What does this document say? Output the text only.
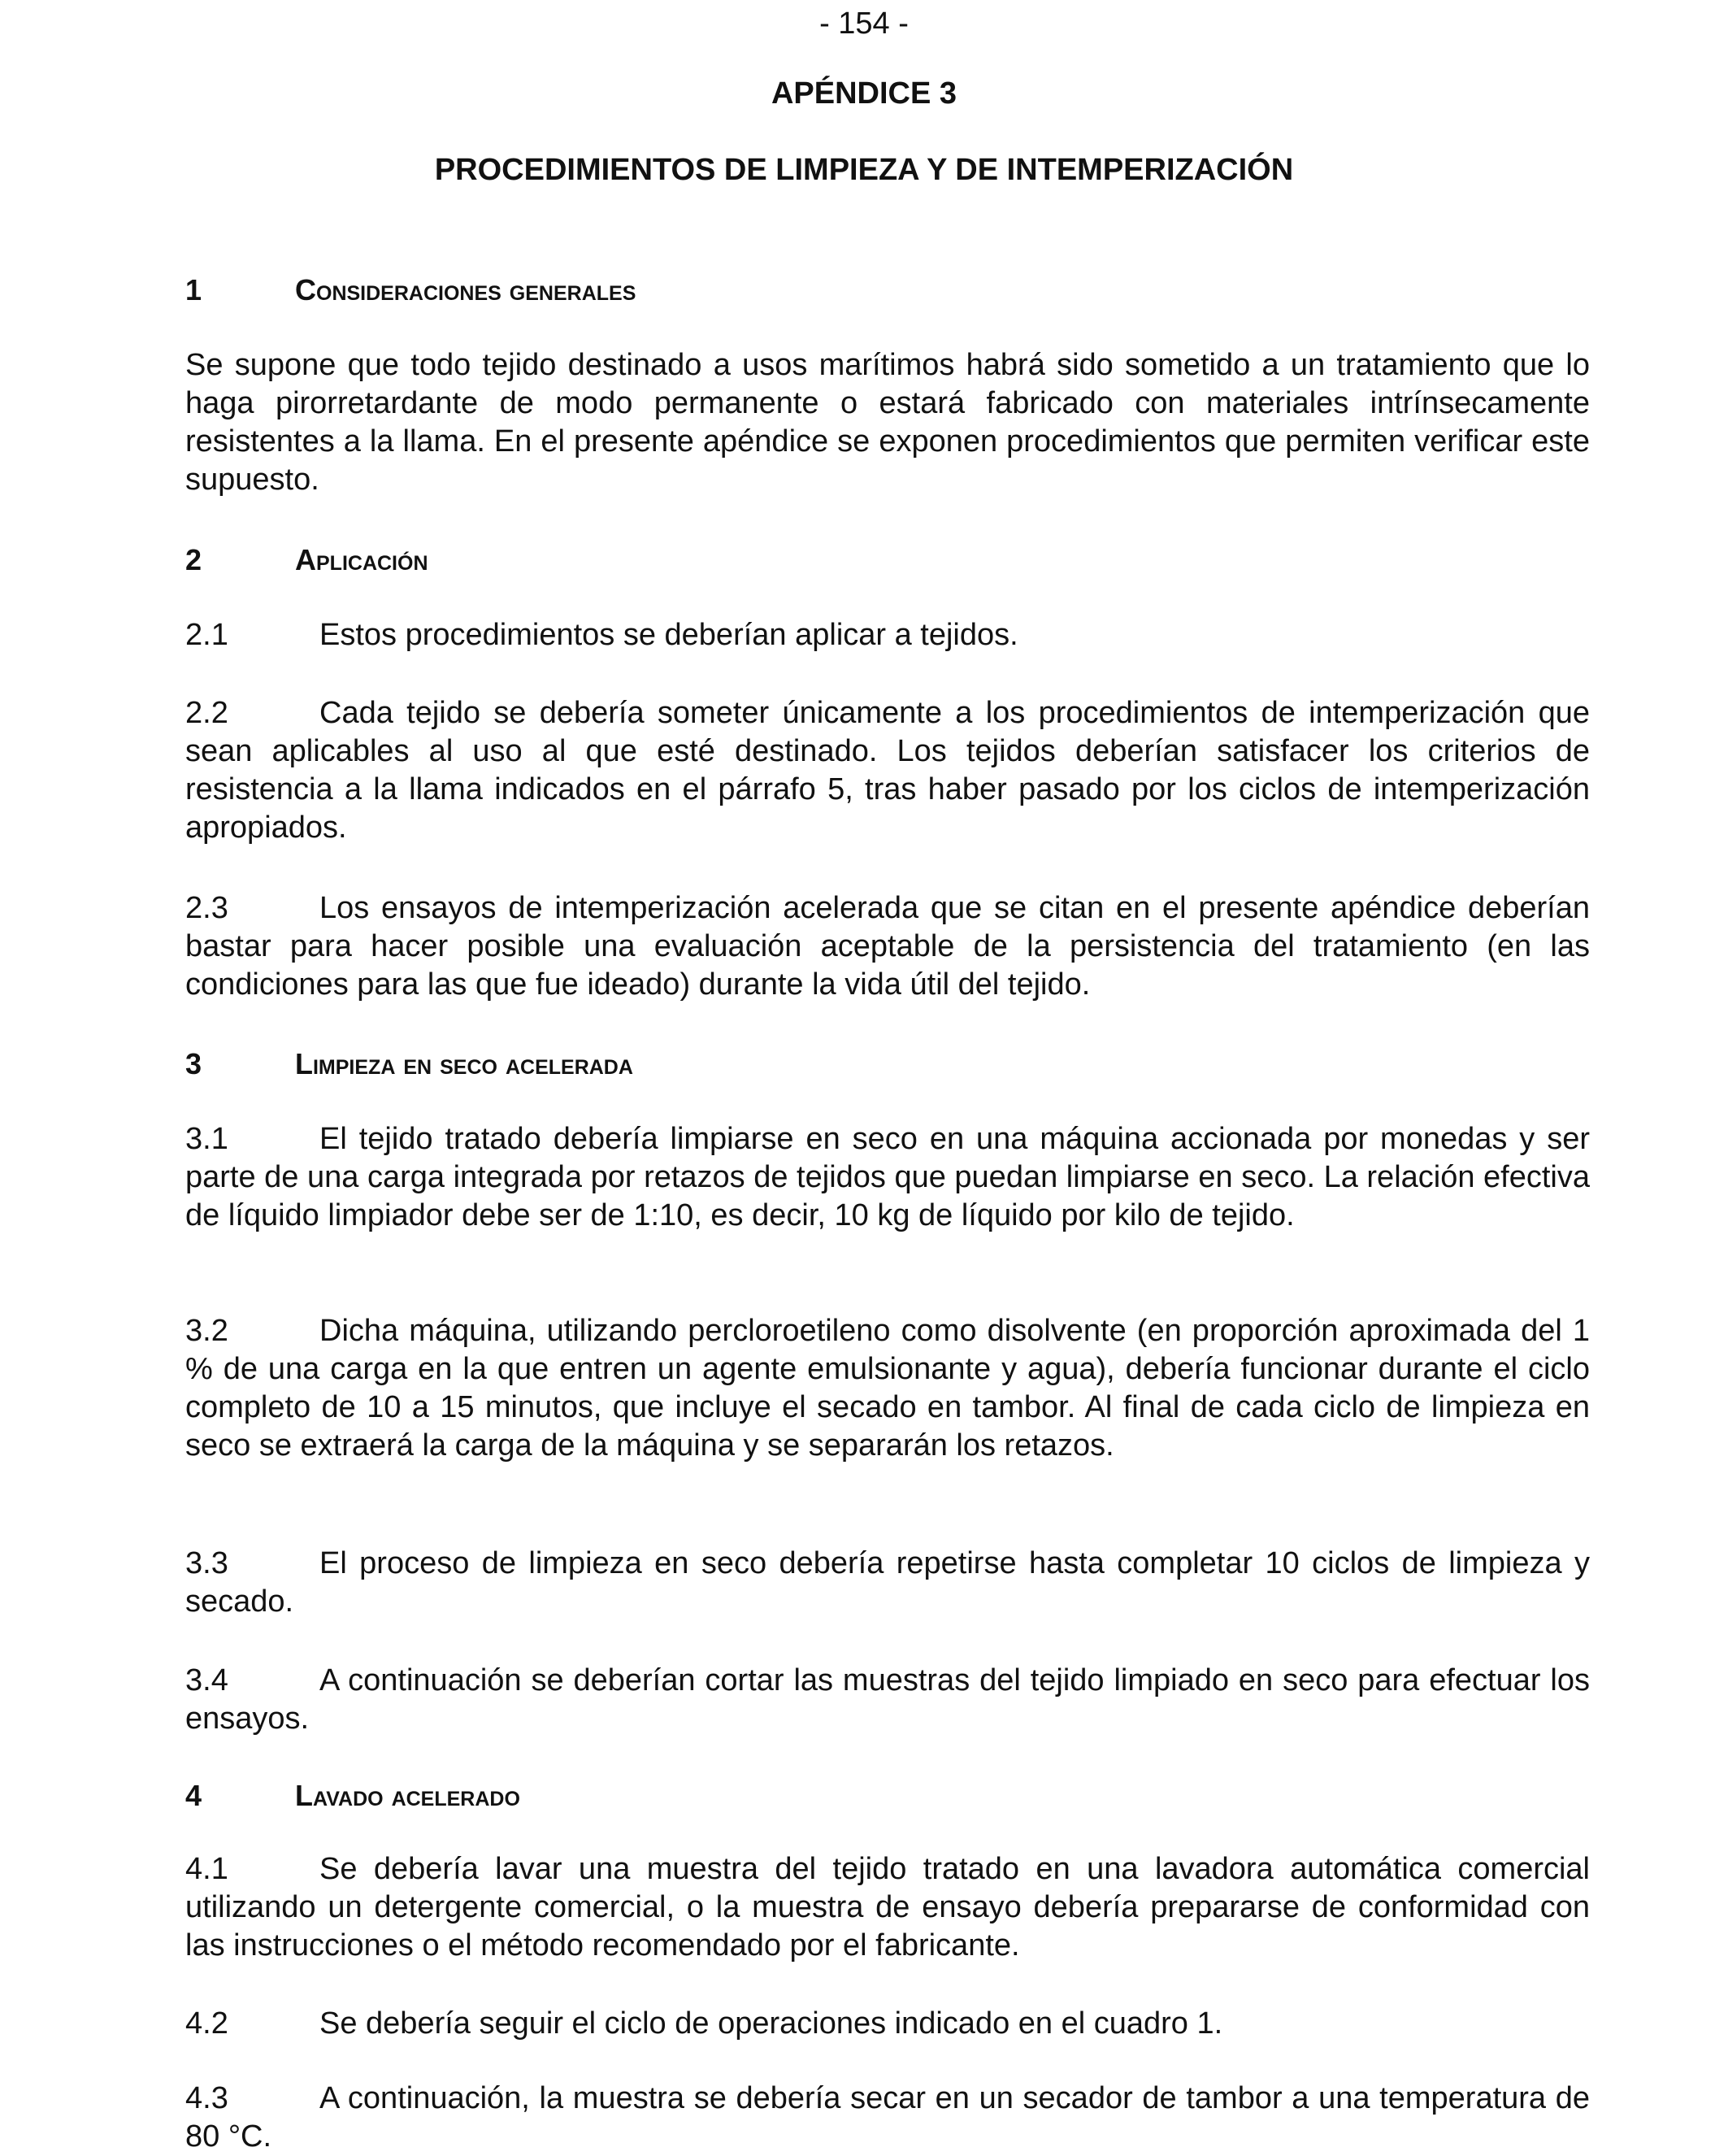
- 154 -
APÉNDICE 3
PROCEDIMIENTOS DE LIMPIEZA Y DE INTEMPERIZACIÓN
1	Consideraciones generales
Se supone que todo tejido destinado a usos marítimos habrá sido sometido a un tratamiento que lo haga pirorretardante de modo permanente o estará fabricado con materiales intrínsecamente resistentes a la llama. En el presente apéndice se exponen procedimientos que permiten verificar este supuesto.
2	Aplicación
2.1	Estos procedimientos se deberían aplicar a tejidos.
2.2	Cada tejido se debería someter únicamente a los procedimientos de intemperización que sean aplicables al uso al que esté destinado. Los tejidos deberían satisfacer los criterios de resistencia a la llama indicados en el párrafo 5, tras haber pasado por los ciclos de intemperización apropiados.
2.3	Los ensayos de intemperización acelerada que se citan en el presente apéndice deberían bastar para hacer posible una evaluación aceptable de la persistencia del tratamiento (en las condiciones para las que fue ideado) durante la vida útil del tejido.
3	Limpieza en seco acelerada
3.1	El tejido tratado debería limpiarse en seco en una máquina accionada por monedas y ser parte de una carga integrada por retazos de tejidos que puedan limpiarse en seco. La relación efectiva de líquido limpiador debe ser de 1:10, es decir, 10 kg de líquido por kilo de tejido.
3.2	Dicha máquina, utilizando percloroetileno como disolvente (en proporción aproximada del 1 % de una carga en la que entren un agente emulsionante y agua), debería funcionar durante el ciclo completo de 10 a 15 minutos, que incluye el secado en tambor. Al final de cada ciclo de limpieza en seco se extraerá la carga de la máquina y se separarán los retazos.
3.3	El proceso de limpieza en seco debería repetirse hasta completar 10 ciclos de limpieza y secado.
3.4	A continuación se deberían cortar las muestras del tejido limpiado en seco para efectuar los ensayos.
4	Lavado acelerado
4.1	Se debería lavar una muestra del tejido tratado en una lavadora automática comercial utilizando un detergente comercial, o la muestra de ensayo debería prepararse de conformidad con las instrucciones o el método recomendado por el fabricante.
4.2	Se debería seguir el ciclo de operaciones indicado en el cuadro 1.
4.3	A continuación, la muestra se debería secar en un secador de tambor a una temperatura de 80 °C.
